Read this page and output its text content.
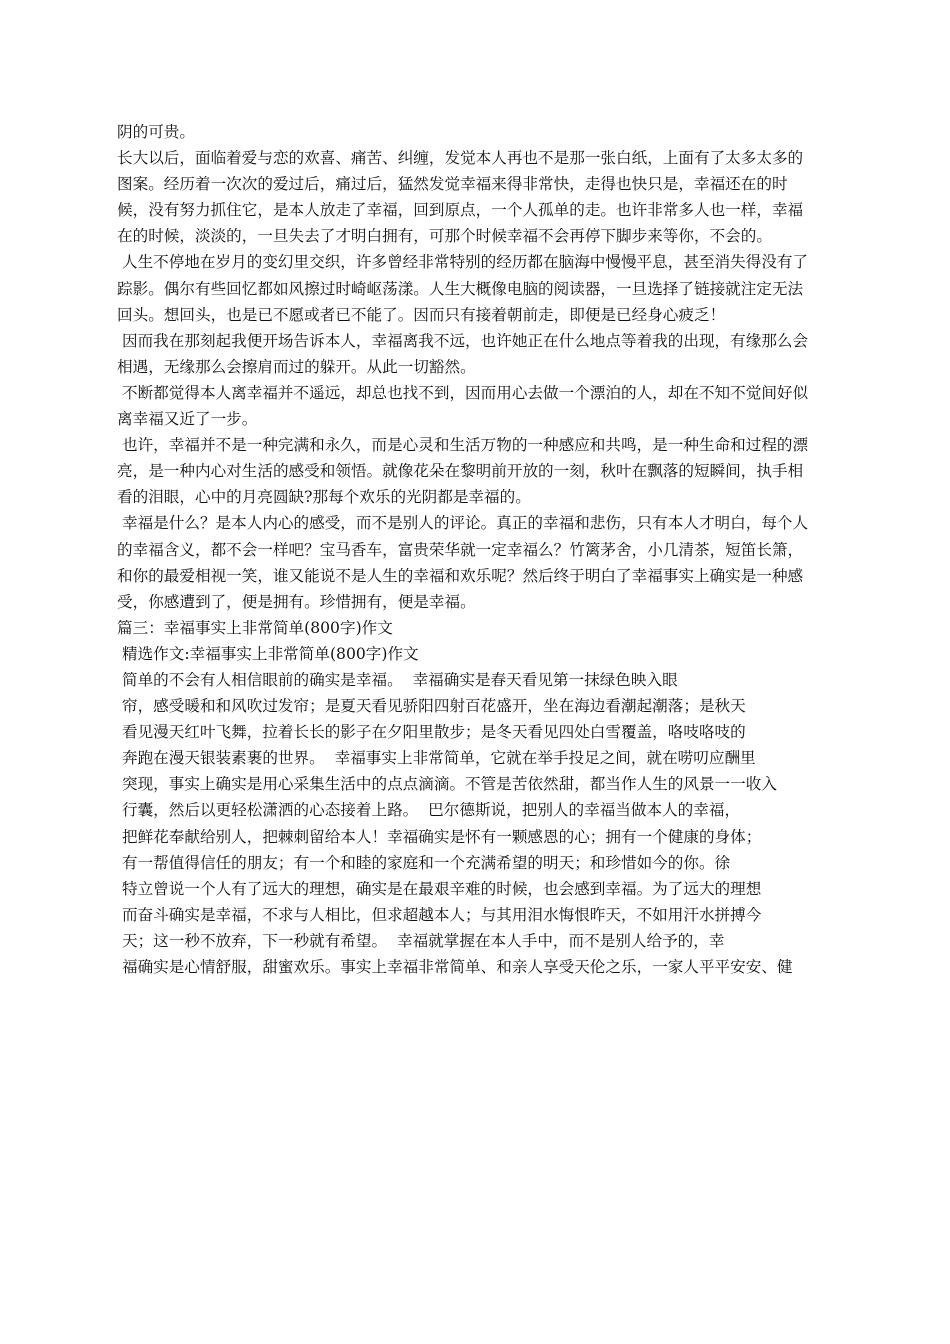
阴的可贵。

长大以后，面临着爱与恋的欢喜、痛苦、纠缠，发觉本人再也不是那一张白纸，上面有了太多太多的图案。经历着一次次的爱过后，痛过后，猛然发觉幸福来得非常快，走得也快只是，幸福还在的时候，没有努力抓住它，是本人放走了幸福，回到原点，一个人孤单的走。也许非常多人也一样，幸福在的时候，淡淡的，一旦失去了才明白拥有，可那个时候幸福不会再停下脚步来等你，不会的。

人生不停地在岁月的变幻里交织，许多曾经非常特别的经历都在脑海中慢慢平息，甚至消失得没有了踪影。偶尔有些回忆都如风擦过时崎岖荡漾。人生大概像电脑的阅读器，一旦选择了链接就注定无法回头。想回头，也是已不愿或者已不能了。因而只有接着朝前走，即便是已经身心疲乏！

因而我在那刻起我便开场告诉本人，幸福离我不远，也许她正在什么地点等着我的出现，有缘那么会相遇，无缘那么会擦肩而过的躲开。从此一切豁然。

不断都觉得本人离幸福并不遥远，却总也找不到，因而用心去做一个漂泊的人，却在不知不觉间好似离幸福又近了一步。

也许，幸福并不是一种完满和永久，而是心灵和生活万物的一种感应和共鸣，是一种生命和过程的漂亮，是一种内心对生活的感受和领悟。就像花朵在黎明前开放的一刻，秋叶在飘落的短瞬间，执手相看的泪眼，心中的月亮圆缺?那每个欢乐的光阴都是幸福的。

幸福是什么？是本人内心的感受，而不是别人的评论。真正的幸福和悲伤，只有本人才明白，每个人的幸福含义，都不会一样吧？宝马香车，富贵荣华就一定幸福么？竹篱茅舍，小几清茶，短笛长箫，和你的最爱相视一笑，谁又能说不是人生的幸福和欢乐呢？然后终于明白了幸福事实上确实是一种感受，你感遭到了，便是拥有。珍惜拥有，便是幸福。

篇三：幸福事实上非常简单(800字)作文

精选作文:幸福事实上非常简单(800字)作文

简单的不会有人相信眼前的确实是幸福。  幸福确实是春天看见第一抹绿色映入眼

帘，感受暖和和风吹过发帘；是夏天看见骄阳四射百花盛开，坐在海边看潮起潮落；是秋天

看见漫天红叶飞舞，拉着长长的影子在夕阳里散步；是冬天看见四处白雪覆盖，咯吱咯吱的

奔跑在漫天银装素裹的世界。  幸福事实上非常简单，它就在举手投足之间，就在唠叨应酬里

突现，事实上确实是用心采集生活中的点点滴滴。不管是苦依然甜，都当作人生的风景一一收入

行囊，然后以更轻松潇洒的心态接着上路。  巴尔德斯说，把别人的幸福当做本人的幸福，

把鲜花奉献给别人，把棘刺留给本人！幸福确实是怀有一颗感恩的心；拥有一个健康的身体；

有一帮值得信任的朋友；有一个和睦的家庭和一个充满希望的明天；和珍惜如今的你。徐

特立曾说一个人有了远大的理想，确实是在最艰辛难的时候，也会感到幸福。为了远大的理想

而奋斗确实是幸福，不求与人相比，但求超越本人；与其用泪水悔恨昨天，不如用汗水拼搏今

天；这一秒不放弃，下一秒就有希望。  幸福就掌握在本人手中，而不是别人给予的，幸

福确实是心情舒服，甜蜜欢乐。事实上幸福非常简单、和亲人享受天伦之乐，一家人平平安安、健
